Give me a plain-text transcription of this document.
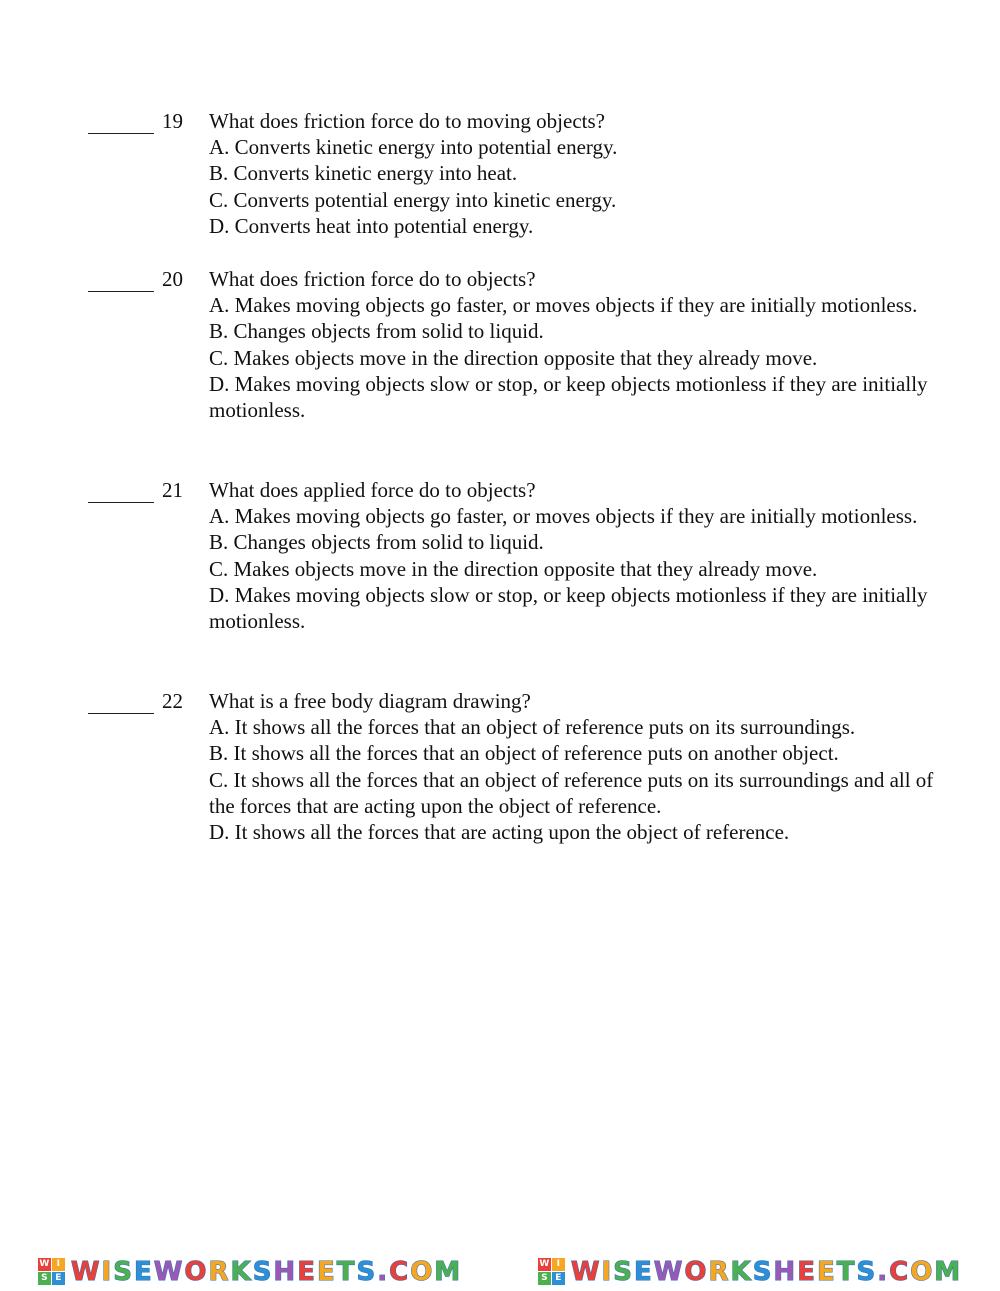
19 What does friction force do to moving objects?

A. Converts kinetic energy into potential energy.

B. Converts kinetic energy into heat.

C. Converts potential energy into kinetic energy.

D. Converts heat into potential energy.

20 What does friction force do to objects?

A. Makes moving objects go faster, or moves objects if they are initially motionless.

B. Changes objects from solid to liquid.

C. Makes objects move in the direction opposite that they already move.

D. Makes moving objects slow or stop, or keep objects motionless if they are initially motionless.

21 What does applied force do to objects?

A. Makes moving objects go faster, or moves objects if they are initially motionless.

B. Changes objects from solid to liquid.

C. Makes objects move in the direction opposite that they already move.

D. Makes moving objects slow or stop, or keep objects motionless if they are initially motionless.

22 What is a free body diagram drawing?

A. It shows all the forces that an object of reference puts on its surroundings.

B. It shows all the forces that an object of reference puts on another object.

C. It shows all the forces that an object of reference puts on its surroundings and all of the forces that are acting upon the object of reference.

D. It shows all the forces that are acting upon the object of reference.

W I
S E WISEWORKSHEETS.COM	W I
S E WISEWORKSHEETS.COM
